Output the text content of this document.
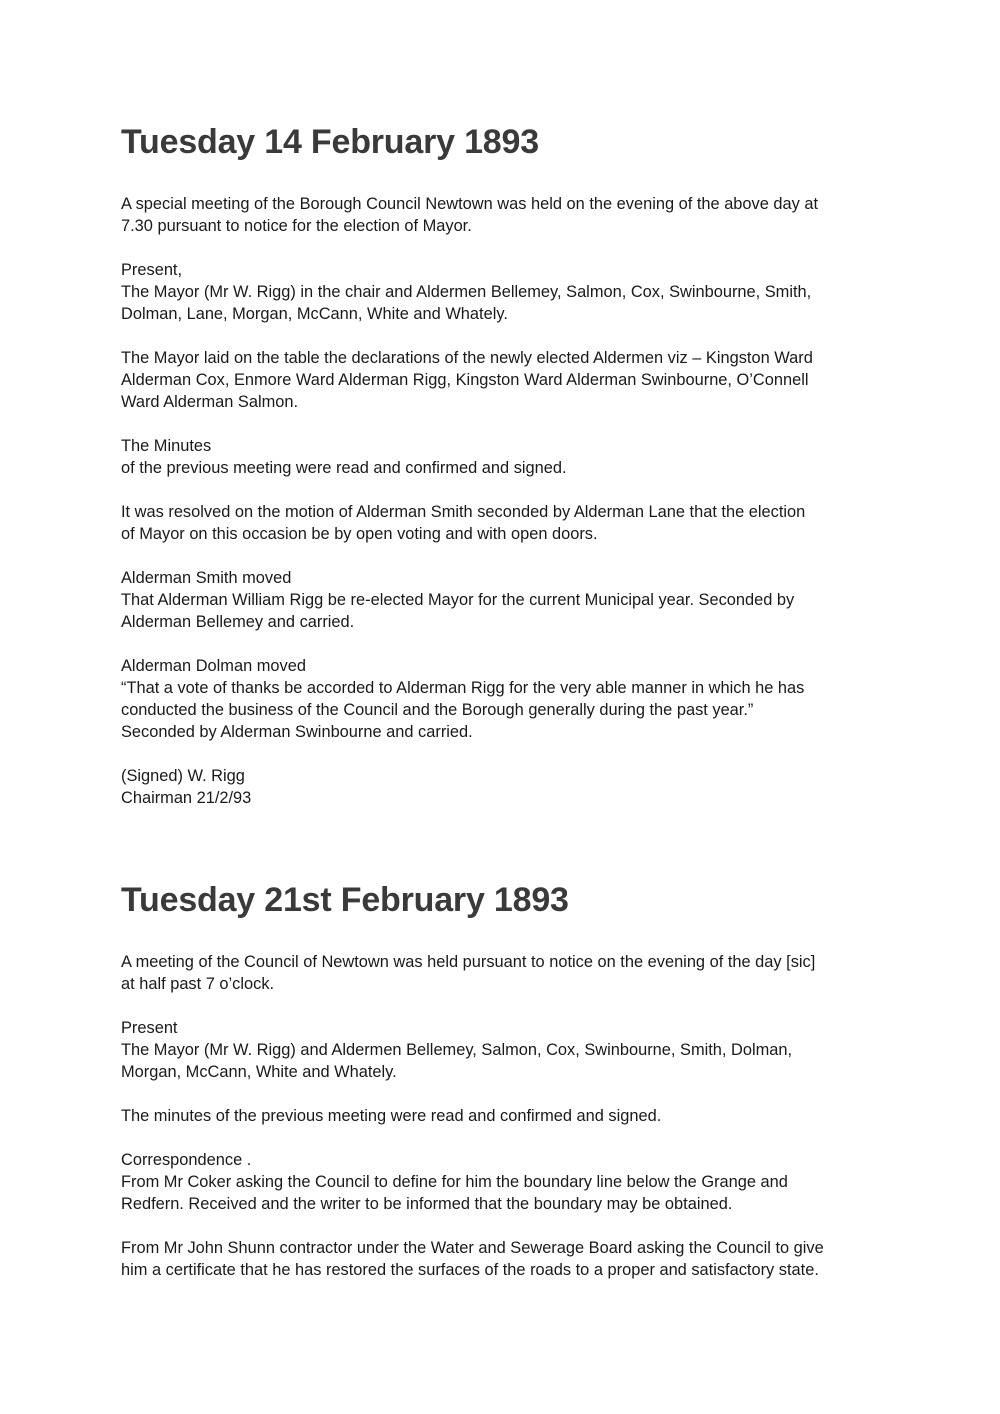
Tuesday 14 February 1893

A special meeting of the Borough Council Newtown was held on the evening of the above day at
7.30 pursuant to notice for the election of Mayor.

Present,
The Mayor (Mr W. Rigg) in the chair and Aldermen Bellemey, Salmon, Cox, Swinbourne, Smith,
Dolman, Lane, Morgan, McCann, White and Whately.

The Mayor laid on the table the declarations of the newly elected Aldermen viz – Kingston Ward
Alderman Cox, Enmore Ward Alderman Rigg, Kingston Ward Alderman Swinbourne, O’Connell
Ward Alderman Salmon.

The Minutes
of the previous meeting were read and confirmed and signed.

It was resolved on the motion of Alderman Smith seconded by Alderman Lane that the election
of Mayor on this occasion be by open voting and with open doors.

Alderman Smith moved
That Alderman William Rigg be re-elected Mayor for the current Municipal year. Seconded by
Alderman Bellemey and carried.

Alderman Dolman moved
“That a vote of thanks be accorded to Alderman Rigg for the very able manner in which he has
conducted the business of the Council and the Borough generally during the past year.”
Seconded by Alderman Swinbourne and carried.

(Signed) W. Rigg
Chairman 21/2/93

Tuesday 21st February 1893

A meeting of the Council of Newtown was held pursuant to notice on the evening of the day [sic]
at half past 7 o’clock.

Present
The Mayor (Mr W. Rigg) and Aldermen Bellemey, Salmon, Cox, Swinbourne, Smith, Dolman,
Morgan, McCann, White and Whately.

The minutes of the previous meeting were read and confirmed and signed.

Correspondence .
From Mr Coker asking the Council to define for him the boundary line below the Grange and
Redfern. Received and the writer to be informed that the boundary may be obtained.

From Mr John Shunn contractor under the Water and Sewerage Board asking the Council to give
him a certificate that he has restored the surfaces of the roads to a proper and satisfactory state.
